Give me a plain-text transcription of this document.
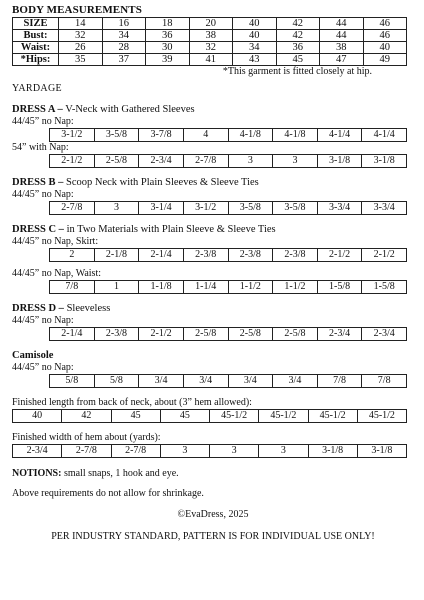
BODY MEASUREMENTS
SIZE	14	16	18	20	40	42	44	46
Bust:	32	34	36	38	40	42	44	46
Waist:	26	28	30	32	34	36	38	40
*Hips:	35	37	39	41	43	45	47	49
*This garment is fitted closely at hip.
YARDAGE
DRESS A – V-Neck with Gathered Sleeves
44/45” no Nap:
3-1/2	3-5/8	3-7/8	4	4-1/8	4-1/8	4-1/4	4-1/4
54” with Nap:
2-1/2	2-5/8	2-3/4	2-7/8	3	3	3-1/8	3-1/8
DRESS B – Scoop Neck with Plain Sleeves & Sleeve Ties
44/45” no Nap:
2-7/8	3	3-1/4	3-1/2	3-5/8	3-5/8	3-3/4	3-3/4
DRESS C – in Two Materials with Plain Sleeve & Sleeve Ties
44/45” no Nap, Skirt:
2	2-1/8	2-1/4	2-3/8	2-3/8	2-3/8	2-1/2	2-1/2
44/45” no Nap, Waist:
7/8	1	1-1/8	1-1/4	1-1/2	1-1/2	1-5/8	1-5/8
DRESS D – Sleeveless
44/45” no Nap:
2-1/4	2-3/8	2-1/2	2-5/8	2-5/8	2-5/8	2-3/4	2-3/4
Camisole
44/45” no Nap:
5/8	5/8	3/4	3/4	3/4	3/4	7/8	7/8
Finished length from back of neck, about (3” hem allowed):
40	42	45	45	45-1/2	45-1/2	45-1/2	45-1/2
Finished width of hem about (yards):
2-3/4	2-7/8	2-7/8	3	3	3	3-1/8	3-1/8
NOTIONS: small snaps, 1 hook and eye.
Above requirements do not allow for shrinkage.
©EvaDress, 2025
PER INDUSTRY STANDARD, PATTERN IS FOR INDIVIDUAL USE ONLY!
